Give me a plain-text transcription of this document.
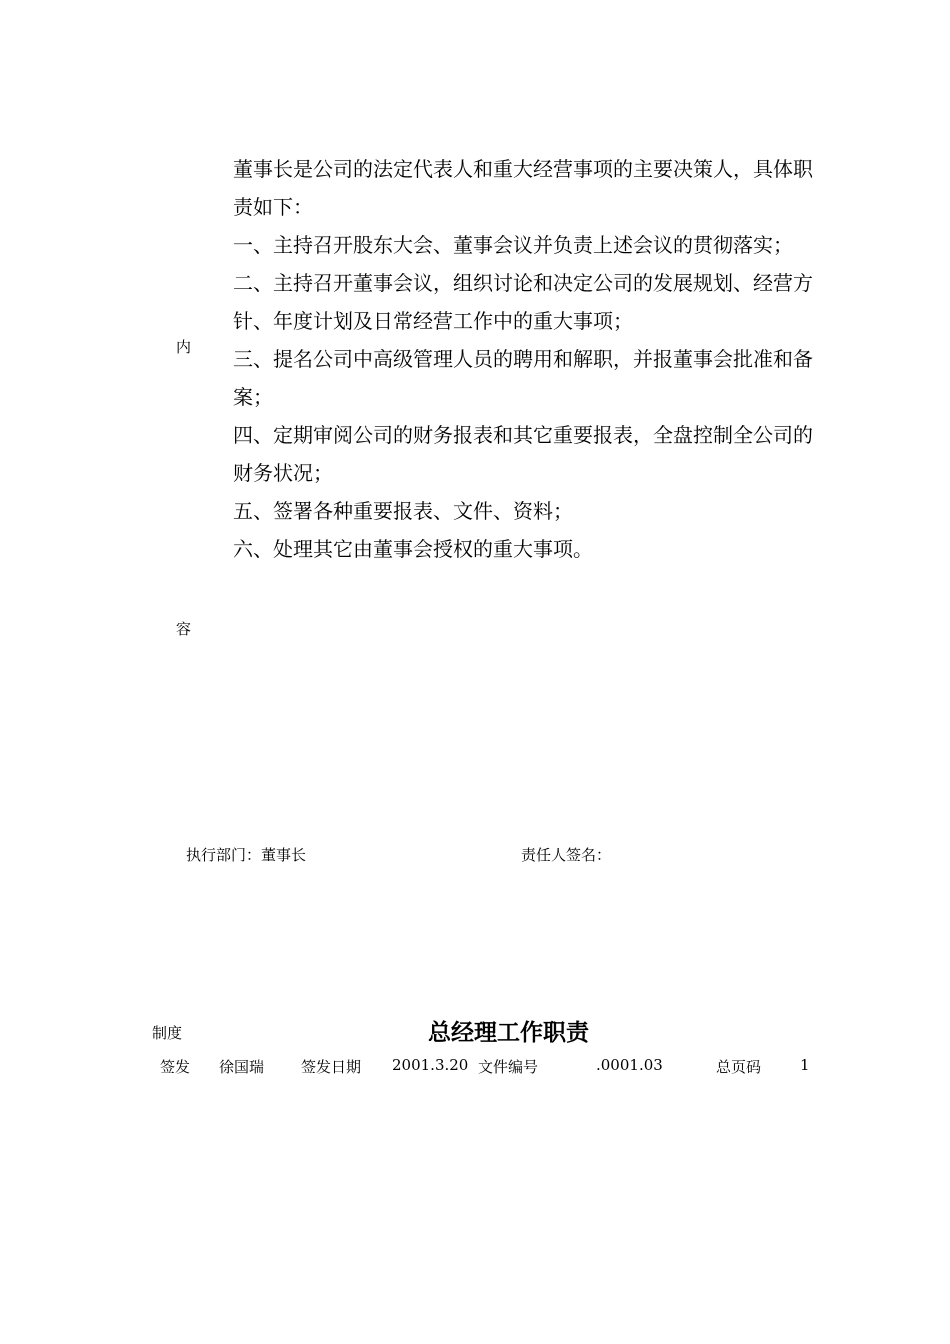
内
容

董事长是公司的法定代表人和重大经营事项的主要决策人，具体职责如下：

一、主持召开股东大会、董事会议并负责上述会议的贯彻落实；

二、主持召开董事会议，组织讨论和决定公司的发展规划、经营方针、年度计划及日常经营工作中的重大事项；

三、提名公司中高级管理人员的聘用和解职，并报董事会批准和备案；

四、定期审阅公司的财务报表和其它重要报表，全盘控制全公司的财务状况；

五、签署各种重要报表、文件、资料；

六、处理其它由董事会授权的重大事项。

执行部门：董事长	责任人签名：
制度	总经理工作职责
签发 徐国瑞 签发日期 2001.3.20 文件编号	.0001.03	总页码	1
